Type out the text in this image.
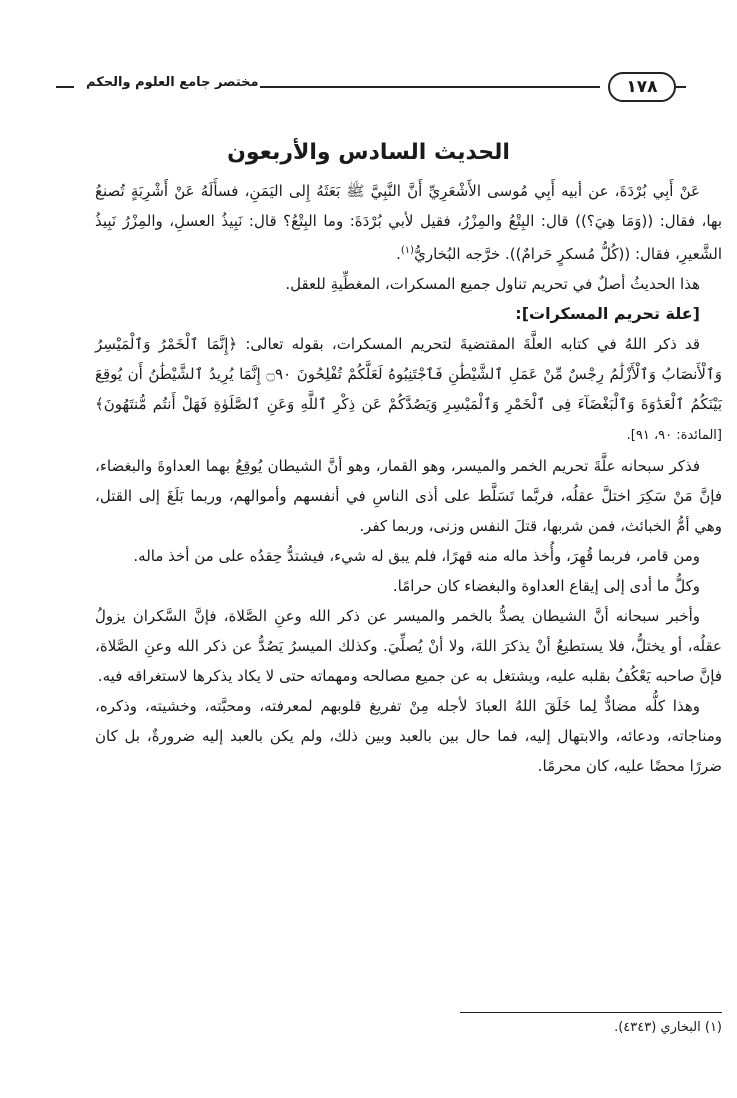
مختصر جامع العلوم والحكم	١٧٨
الحديث السادس والأربعون

عَنْ أَبِي بُرْدَةَ، عن أبيه أَبِي مُوسى الأَشْعَرِيِّ أَنَّ النَّبِيَّ ﷺ بَعَثَهُ إِلى اليَمَنِ، فسأَلَهُ عَنْ أَشْرِبَةٍ تُصنعُ بها، فقال: ((وَمَا هِيَ؟)) قال: البِتْعُ والمِزْرُ، فقيل لأبي بُرْدَةَ: وما البِتْعُ؟ قال: نَبِيذُ العسلِ، والمِزْرُ نَبِيذُ الشَّعيرِ، فقال: ((كُلُّ مُسكرٍ حَرامٌ)). خرَّجه البُخاريُّ$^{(١)}$.

هذا الحديثُ أصلٌ في تحريم تناول جميع المسكرات، المغطِّيةِ للعقل.

[علة تحريم المسكرات]:

قد ذكر اللهُ في كتابه العلَّةَ المقتضيةَ لتحريم المسكرات، بقوله تعالى: ﴿إِنَّمَا ٱلْخَمْرُ وَٱلْمَيْسِرُ وَٱلْأَنصَابُ وَٱلْأَزْلَٰمُ رِجْسٌ مِّنْ عَمَلِ ٱلشَّيْطَٰنِ فَٱجْتَنِبُوهُ لَعَلَّكُمْ تُفْلِحُونَ ۝٩٠ إِنَّمَا يُرِيدُ ٱلشَّيْطَٰنُ أَن يُوقِعَ بَيْنَكُمُ ٱلْعَدَٰوَةَ وَٱلْبَغْضَآءَ فِى ٱلْخَمْرِ وَٱلْمَيْسِرِ وَيَصُدَّكُمْ عَن ذِكْرِ ٱللَّهِ وَعَنِ ٱلصَّلَوٰةِ فَهَلْ أَنتُم مُّنتَهُونَ﴾ [المائدة: ٩٠، ٩١].

فذكر سبحانه علَّةَ تحريم الخمر والميسر، وهو القمار، وهو أنَّ الشيطان يُوقِعُ بهما العداوةَ والبغضاء، فإنَّ مَنْ سَكِرَ اختلَّ عقلُه، فربَّما تَسَلَّط على أذى الناسِ في أنفسهم وأموالهم، وربما بَلَغَ إلى القتل، وهي أمُّ الخبائث، فمن شربها، قتلَ النفس وزنى، وربما كفر.

ومن قامر، فربما قُهِرَ، وأُخذ ماله منه قهرًا، فلم يبق له شيء، فيشتدُّ حِقدُه على من أخذ ماله.

وكلُّ ما أدى إلى إيقاع العداوة والبغضاء كان حرامًا.

وأخبر سبحانه أنَّ الشيطان يصدُّ بالخمر والميسر عن ذكر الله وعنِ الصَّلاة، فإنَّ السَّكران يزولُ عقلُه، أو يختلُّ، فلا يستطيعُ أنْ يذكرَ اللهَ، ولا أنْ يُصلِّيَ. وكذلك الميسرُ يَصُدُّ عن ذكر الله وعنِ الصَّلاة، فإنَّ صاحبه يَعْكُفُ بقلبه عليه، ويشتغل به عن جميع مصالحه ومهماته حتى لا يكاد يذكرها لاستغراقه فيه.

وهذا كلُّه مضادٌّ لِما خَلَقَ اللهُ العبادَ لأجله مِنْ تفريغ قلوبهم لمعرفته، ومحبَّته، وخشيته، وذكره، ومناجاته، ودعائه، والابتهال إليه، فما حال بين بالعبد وبين ذلك، ولم يكن بالعبد إليه ضرورةٌ، بل كان ضررًا محضًا عليه، كان محرمًا.

(١) البخاري (٤٣٤٣).
